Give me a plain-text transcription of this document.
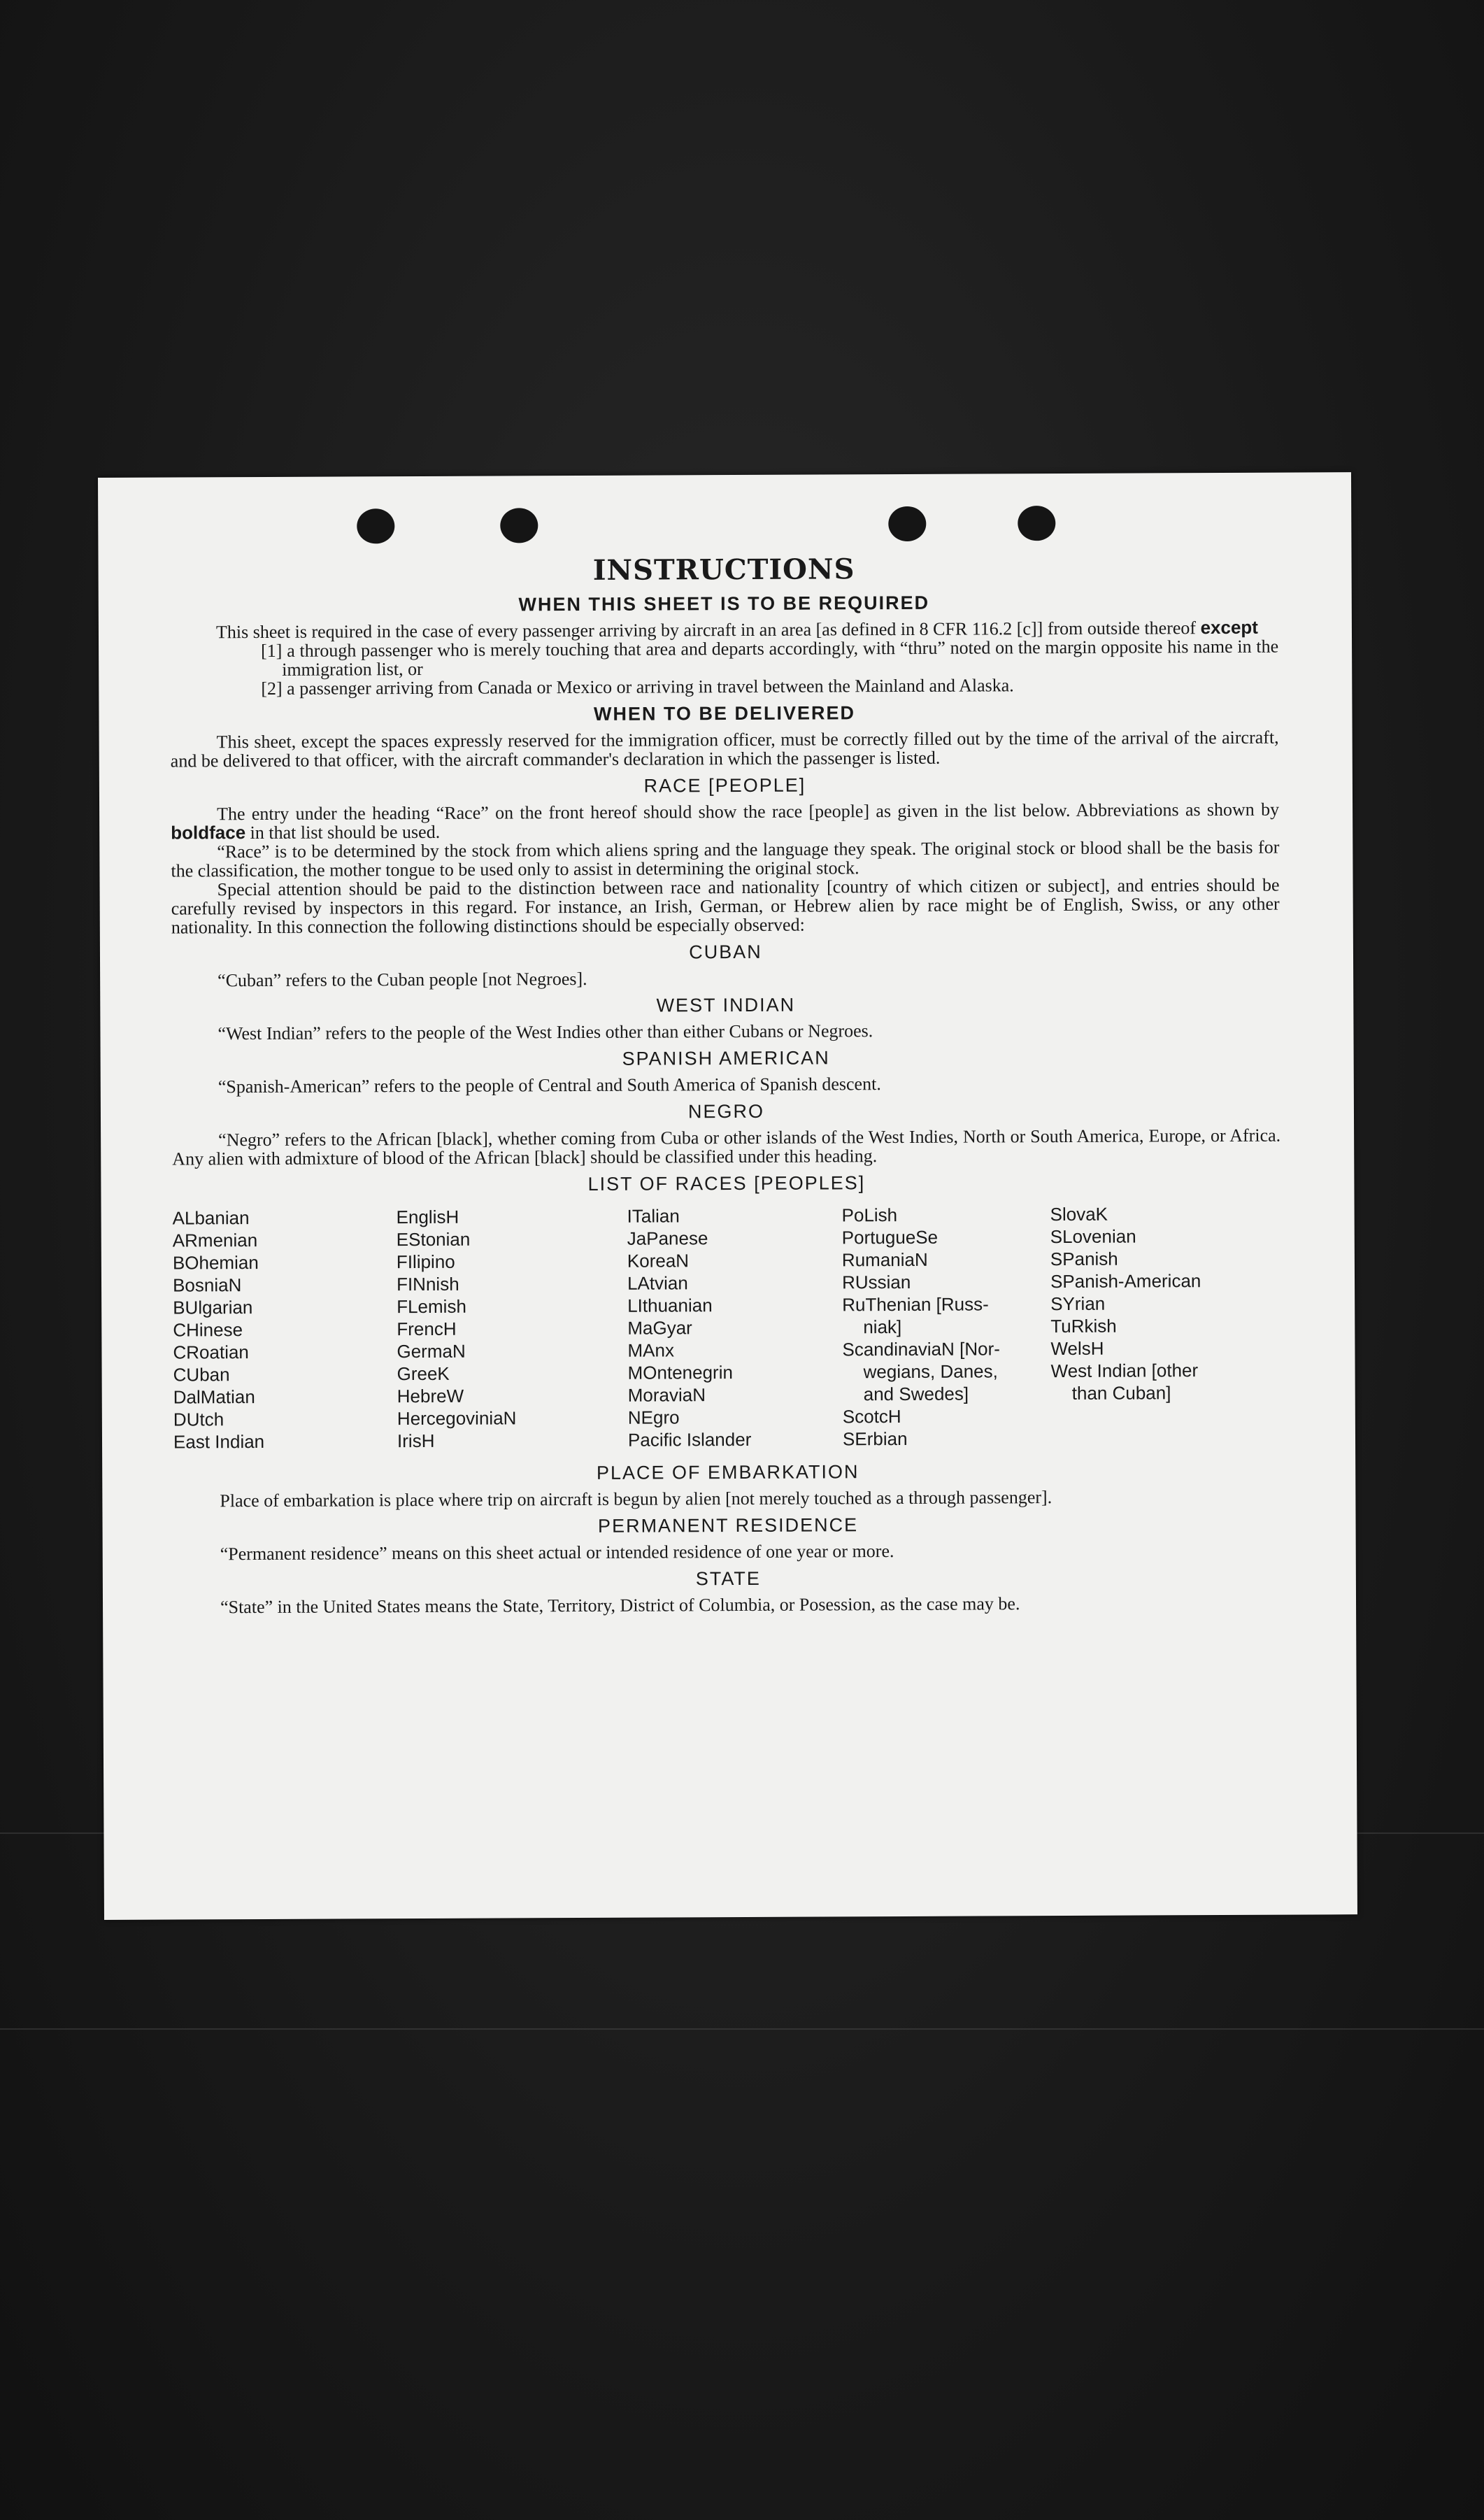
INSTRUCTIONS
WHEN THIS SHEET IS TO BE REQUIRED

This sheet is required in the case of every passenger arriving by aircraft in an area [as defined in 8 CFR 116.2 [c]] from outside thereof except

[1] a through passenger who is merely touching that area and departs accordingly, with “thru” noted on the margin opposite his name in the immigration list, or
[2] a passenger arriving from Canada or Mexico or arriving in travel between the Mainland and Alaska.
WHEN TO BE DELIVERED

This sheet, except the spaces expressly reserved for the immigration officer, must be correctly filled out by the time of the arrival of the aircraft, and be delivered to that officer, with the aircraft commander's declaration in which the passenger is listed.

RACE [PEOPLE]

The entry under the heading “Race” on the front hereof should show the race [people] as given in the list below. Abbreviations as shown by boldface in that list should be used.

“Race” is to be determined by the stock from which aliens spring and the language they speak. The original stock or blood shall be the basis for the classification, the mother tongue to be used only to assist in determining the original stock.

Special attention should be paid to the distinction between race and nationality [country of which citizen or subject], and entries should be carefully revised by inspectors in this regard. For instance, an Irish, German, or Hebrew alien by race might be of English, Swiss, or any other nationality. In this connection the following distinctions should be especially observed:

CUBAN

“Cuban” refers to the Cuban people [not Negroes].

WEST INDIAN

“West Indian” refers to the people of the West Indies other than either Cubans or Negroes.

SPANISH AMERICAN

“Spanish-American” refers to the people of Central and South America of Spanish descent.

NEGRO

“Negro” refers to the African [black], whether coming from Cuba or other islands of the West Indies, North or South America, Europe, or Africa. Any alien with admixture of blood of the African [black] should be classified under this heading.

LIST OF RACES [PEOPLES]
ALbanian
ARmenian
BOhemian
BosniaN
BUlgarian
CHinese
CRoatian
CUban
DalMatian
DUtch
East Indian
EnglisH
EStonian
FIlipino
FINnish
FLemish
FrencH
GermaN
GreeK
HebreW
HercegoviniaN
IrisH
ITalian
JaPanese
KoreaN
LAtvian
LIthuanian
MaGyar
MAnx
MOntenegrin
MoraviaN
NEgro
Pacific Islander
PoLish
PortugueSe
RumaniaN
RUssian
RuThenian [Russ-
niak]
ScandinaviaN [Nor-
wegians, Danes,
and Swedes]
ScotcH
SErbian
SlovaK
SLovenian
SPanish
SPanish-American
SYrian
TuRkish
WelsH
West Indian [other
than Cuban]
PLACE OF EMBARKATION

Place of embarkation is place where trip on aircraft is begun by alien [not merely touched as a through passenger].

PERMANENT RESIDENCE

“Permanent residence” means on this sheet actual or intended residence of one year or more.

STATE

“State” in the United States means the State, Territory, District of Columbia, or Posession, as the case may be.
